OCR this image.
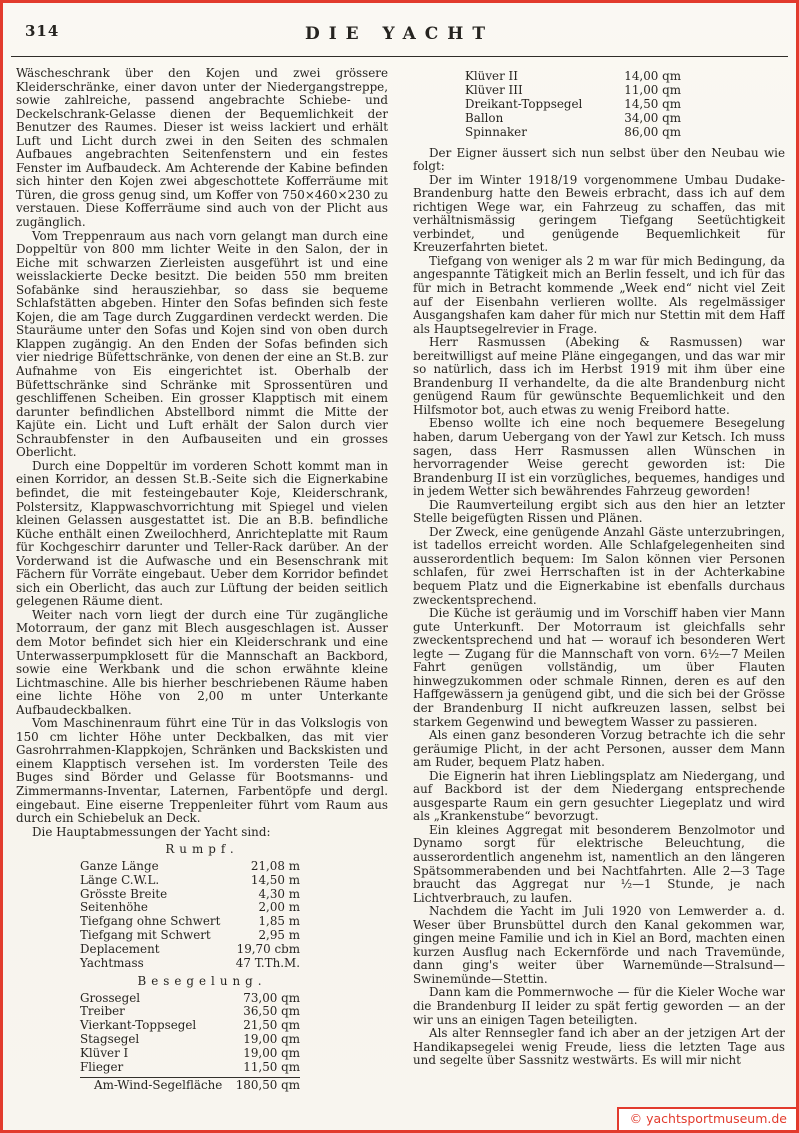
314	DIE YACHT

Wäscheschrank über den Kojen und zwei grössere Kleiderschränke, einer davon unter der Niedergangstreppe, sowie zahlreiche, passend angebrachte Schiebe- und Deckelschrank-Gelasse dienen der Bequemlichkeit der Benutzer des Raumes. Dieser ist weiss lackiert und erhält Luft und Licht durch zwei in den Seiten des schmalen Aufbaues angebrachten Seitenfenstern und ein festes Fenster im Aufbaudeck. Am Achterende der Kabine befinden sich hinter den Kojen zwei abgeschottete Kofferräume mit Türen, die gross genug sind, um Koffer von 750×460×230 zu verstauen. Diese Kofferräume sind auch von der Plicht aus zugänglich.

Vom Treppenraum aus nach vorn gelangt man durch eine Doppeltür von 800 mm lichter Weite in den Salon, der in Eiche mit schwarzen Zierleisten ausgeführt ist und eine weisslackierte Decke besitzt. Die beiden 550 mm breiten Sofabänke sind herausziehbar, so dass sie bequeme Schlafstätten abgeben. Hinter den Sofas befinden sich feste Kojen, die am Tage durch Zuggardinen verdeckt werden. Die Stauräume unter den Sofas und Kojen sind von oben durch Klappen zugängig. An den Enden der Sofas befinden sich vier niedrige Büfettschränke, von denen der eine an St.B. zur Aufnahme von Eis eingerichtet ist. Oberhalb der Büfettschränke sind Schränke mit Sprossentüren und geschliffenen Scheiben. Ein grosser Klapptisch mit einem darunter befindlichen Abstellbord nimmt die Mitte der Kajüte ein. Licht und Luft erhält der Salon durch vier Schraubfenster in den Aufbauseiten und ein grosses Oberlicht.

Durch eine Doppeltür im vorderen Schott kommt man in einen Korridor, an dessen St.B.-Seite sich die Eignerkabine befindet, die mit festeingebauter Koje, Kleiderschrank, Polstersitz, Klappwaschvorrichtung mit Spiegel und vielen kleinen Gelassen ausgestattet ist. Die an B.B. befindliche Küche enthält einen Zweilochherd, Anrichteplatte mit Raum für Kochgeschirr darunter und Teller-Rack darüber. An der Vorderwand ist die Aufwasche und ein Besenschrank mit Fächern für Vorräte eingebaut. Ueber dem Korridor befindet sich ein Oberlicht, das auch zur Lüftung der beiden seitlich gelegenen Räume dient.

Weiter nach vorn liegt der durch eine Tür zugängliche Motorraum, der ganz mit Blech ausgeschlagen ist. Ausser dem Motor befindet sich hier ein Kleiderschrank und eine Unterwasserpumpklosett für die Mannschaft an Backbord, sowie eine Werkbank und die schon erwähnte kleine Lichtmaschine. Alle bis hierher beschriebenen Räume haben eine lichte Höhe von 2,00 m unter Unterkante Aufbaudeckbalken.

Vom Maschinenraum führt eine Tür in das Volkslogis von 150 cm lichter Höhe unter Deckbalken, das mit vier Gasrohrrahmen-Klappkojen, Schränken und Backskisten und einem Klapptisch versehen ist. Im vordersten Teile des Buges sind Börder und Gelasse für Bootsmanns- und Zimmermanns-Inventar, Laternen, Farbentöpfe und dergl. eingebaut. Eine eiserne Treppenleiter führt vom Raum aus durch ein Schiebeluk an Deck.

Die Hauptabmessungen der Yacht sind:

Rumpf.
Ganze Länge	21,08 m
Länge C.W.L.	14,50 m
Grösste Breite	4,30 m
Seitenhöhe	2,00 m
Tiefgang ohne Schwert	1,85 m
Tiefgang mit Schwert	2,95 m
Deplacement	19,70 cbm
Yachtmass	47 T.Th.M.
Besegelung.
Grossegel	73,00 qm
Treiber	36,50 qm
Vierkant-Toppsegel	21,50 qm
Stagsegel	19,00 qm
Klüver I	19,00 qm
Flieger	11,50 qm
Am-Wind-Segelfläche 180,50 qm
Klüver II	14,00 qm
Klüver III	11,00 qm
Dreikant-Toppsegel	14,50 qm
Ballon	34,00 qm
Spinnaker	86,00 qm

Der Eigner äussert sich nun selbst über den Neubau wie folgt:

Der im Winter 1918/19 vorgenommene Umbau Dudake-Brandenburg hatte den Beweis erbracht, dass ich auf dem richtigen Wege war, ein Fahrzeug zu schaffen, das mit verhältnismässig geringem Tiefgang Seetüchtigkeit verbindet, und genügende Bequemlichkeit für Kreuzerfahrten bietet.

Tiefgang von weniger als 2 m war für mich Bedingung, da angespannte Tätigkeit mich an Berlin fesselt, und ich für das für mich in Betracht kommende „Week end“ nicht viel Zeit auf der Eisenbahn verlieren wollte. Als regelmässiger Ausgangshafen kam daher für mich nur Stettin mit dem Haff als Hauptsegelrevier in Frage.

Herr Rasmussen (Abeking & Rasmussen) war bereitwilligst auf meine Pläne eingegangen, und das war mir so natürlich, dass ich im Herbst 1919 mit ihm über eine Brandenburg II verhandelte, da die alte Brandenburg nicht genügend Raum für gewünschte Bequemlichkeit und den Hilfsmotor bot, auch etwas zu wenig Freibord hatte.

Ebenso wollte ich eine noch bequemere Besegelung haben, darum Uebergang von der Yawl zur Ketsch. Ich muss sagen, dass Herr Rasmussen allen Wünschen in hervorragender Weise gerecht geworden ist: Die Brandenburg II ist ein vorzügliches, bequemes, handiges und in jedem Wetter sich bewährendes Fahrzeug geworden!

Die Raumverteilung ergibt sich aus den hier an letzter Stelle beigefügten Rissen und Plänen.

Der Zweck, eine genügende Anzahl Gäste unterzubringen, ist tadellos erreicht worden. Alle Schlafgelegenheiten sind ausserordentlich bequem: Im Salon können vier Personen schlafen, für zwei Herrschaften ist in der Achterkabine bequem Platz und die Eignerkabine ist ebenfalls durchaus zweckentsprechend.

Die Küche ist geräumig und im Vorschiff haben vier Mann gute Unterkunft. Der Motorraum ist gleichfalls sehr zweckentsprechend und hat — worauf ich besonderen Wert legte — Zugang für die Mannschaft von vorn. 6½—7 Meilen Fahrt genügen vollständig, um über Flauten hinwegzukommen oder schmale Rinnen, deren es auf den Haffgewässern ja genügend gibt, und die sich bei der Grösse der Brandenburg II nicht aufkreuzen lassen, selbst bei starkem Gegenwind und bewegtem Wasser zu passieren.

Als einen ganz besonderen Vorzug betrachte ich die sehr geräumige Plicht, in der acht Personen, ausser dem Mann am Ruder, bequem Platz haben.

Die Eignerin hat ihren Lieblingsplatz am Niedergang, und auf Backbord ist der dem Niedergang entsprechende ausgesparte Raum ein gern gesuchter Liegeplatz und wird als „Krankenstube“ bevorzugt.

Ein kleines Aggregat mit besonderem Benzolmotor und Dynamo sorgt für elektrische Beleuchtung, die ausserordentlich angenehm ist, namentlich an den längeren Spätsommerabenden und bei Nachtfahrten. Alle 2—3 Tage braucht das Aggregat nur ½—1 Stunde, je nach Lichtverbrauch, zu laufen.

Nachdem die Yacht im Juli 1920 von Lemwerder a. d. Weser über Brunsbüttel durch den Kanal gekommen war, gingen meine Familie und ich in Kiel an Bord, machten einen kurzen Ausflug nach Eckernförde und nach Travemünde, dann ging's weiter über Warnemünde—Stralsund—Swinemünde—Stettin.

Dann kam die Pommernwoche — für die Kieler Woche war die Brandenburg II leider zu spät fertig geworden — an der wir uns an einigen Tagen beteiligten.

Als alter Rennsegler fand ich aber an der jetzigen Art der Handikapsegelei wenig Freude, liess die letzten Tage aus und segelte über Sassnitz westwärts. Es will mir nicht

© yachtsportmuseum.de
